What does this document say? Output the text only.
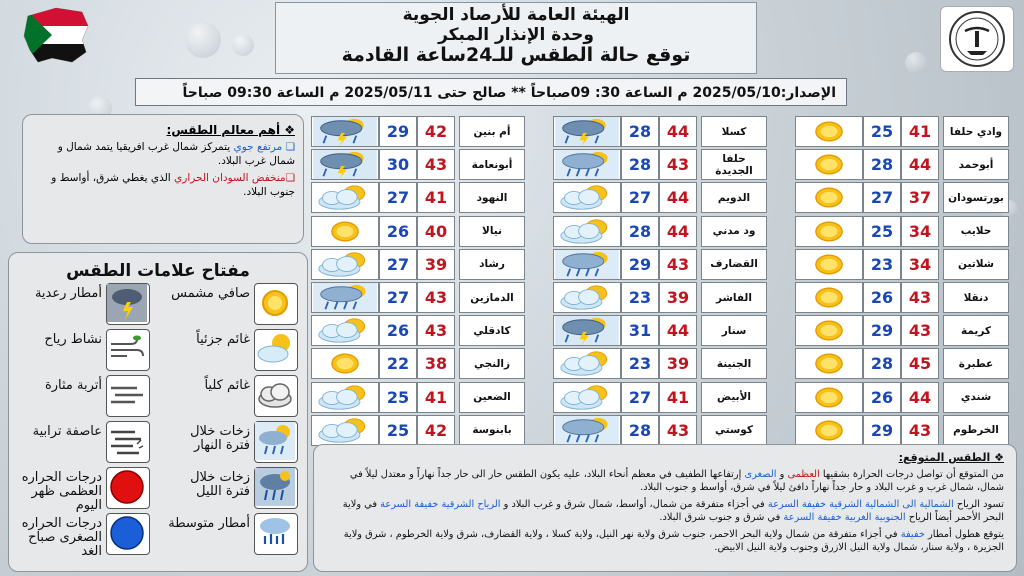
الهيئة العامة للأرصاد الجوية
وحدة الإنذار المبكر
توقع حالة الطقس للـ24ساعة القادمة
الإصدار:2025/05/10 م الساعة 30: 09صباحاً ** صالح حتى 2025/05/11 م الساعة 09:30 صباحاً
❖ أهم معالم الطقس:
❑ مرتفع جوي يتمركز شمال غرب افريقيا يتمد شمال و شمال غرب البلاد.
❑منخفض السودان الحراري الذي يغطي شرق، أواسط و جنوب البلاد.
مفتاح علامات الطقس
صافي مشمس
أمطار رعدية
غائم جزئياً
نشاط رياح
غائم كلياً
أتربة مثارة
زخات خلال فترة النهار
عاصفة ترابية
زخات خلال فترة الليل
درجات الحراره العظمى ظهر اليوم
أمطار متوسطة
درجات الحراره الصغرى صباح الغد
25 41	وادي حلفا
28 44	أبوحمد
27 37	بورتسودان
25 34	حلايب
23 34	شلاتين
26 43	دنقلا
29 43	كريمة
28 45	عطبرة
26 44	شندي
29 43	الخرطوم
28 44	كسلا
28 43	حلفا الجديدة
27 44	الدويم
28 44	ود مدني
29 43	القضارف
23 39	الفاشر
31 44	سنار
23 39	الجنينة
27 41	الأبيض
28 43	كوستي
29 42	أم بنين
30 43	أبونعامة
27 41	النهود
26 40	نيالا
27 39	رشاد
27 43	الدمازين
26 43	كادقلي
22 38	زالنجي
25 41	الضعين
25 42	بابنوسة
❖ الطقس المتوقع:

من المتوقع أن تواصل درجات الحرارة بشقيها العظمى و الصغرى إرتفاعها الطفيف في معظم أنحاء البلاد، عليه يكون الطقس حار الى حار جداً نهاراً و معتدل ليلاً في شمال، شمال غرب و غرب البلاد و حار جداً نهاراً دافئ ليلاً في شرق، أواسط و جنوب البلاد.

تسود الرياح الشمالية الى الشمالية الشرقية خفيفة السرعة في أجزاء متفرقة من شمال، أواسط، شمال شرق و غرب البلاد و الرياح الشرقية خفيفة السرعة في ولاية البحر الأحمر أيضاً الرياح الجنوبية الغربية خفيفة السرعة في شرق و جنوب شرق البلاد.

يتوقع هطول أمطار خفيفة في أجزاء متفرقة من شمال ولاية البحر الاحمر، جنوب شرق ولاية نهر النيل، ولاية كسلا ، ولاية القضارف، شرق ولاية الخرطوم ، شرق ولاية الجزيرة ، ولاية سنار، شمال ولاية النيل الازرق وجنوب ولاية النيل الابيض.
